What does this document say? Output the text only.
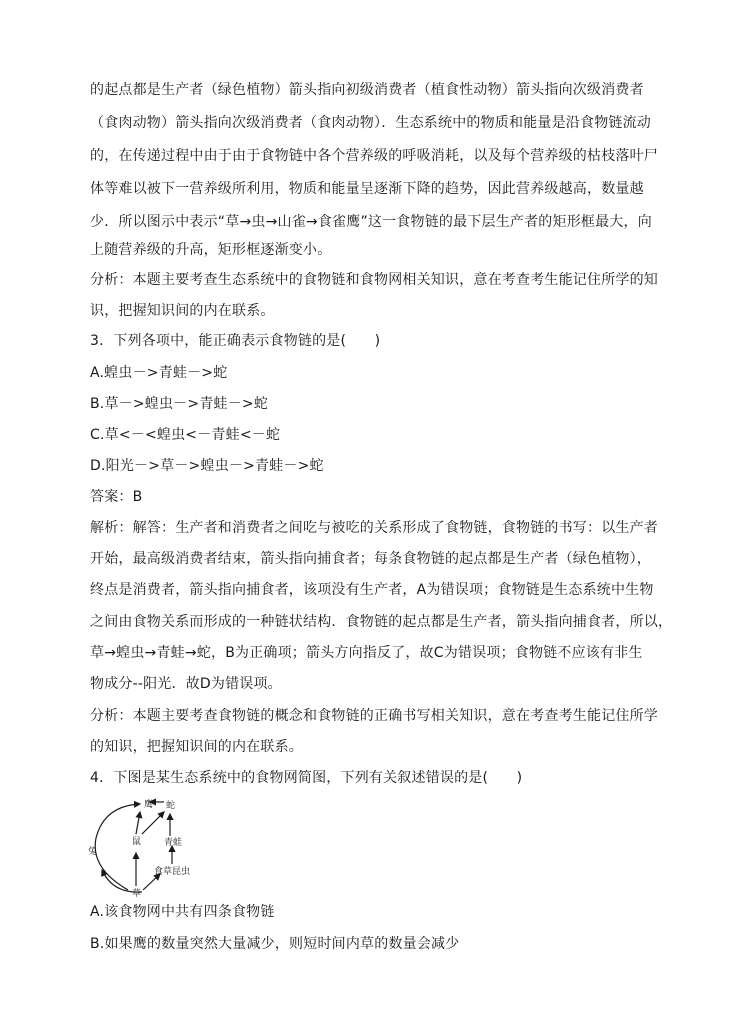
的起点都是生产者（绿色植物）箭头指向初级消费者（植食性动物）箭头指向次级消费者
（食肉动物）箭头指向次级消费者（食肉动物）．生态系统中的物质和能量是沿食物链流动
的，在传递过程中由于由于食物链中各个营养级的呼吸消耗，以及每个营养级的枯枝落叶尸
体等难以被下一营养级所利用，物质和能量呈逐渐下降的趋势，因此营养级越高，数量越
少．所以图示中表示“草→虫→山雀→食雀鹰”这一食物链的最下层生产者的矩形框最大，向
上随营养级的升高，矩形框逐渐变小。
分析：本题主要考查生态系统中的食物链和食物网相关知识，意在考查考生能记住所学的知
识，把握知识间的内在联系。
3．下列各项中，能正确表示食物链的是(　　)
A.蝗虫－>青蛙－>蛇
B.草－>蝗虫－>青蛙－>蛇
C.草<－<蝗虫<－青蛙<－蛇
D.阳光－>草－>蝗虫－>青蛙－>蛇
答案：B
解析：解答：生产者和消费者之间吃与被吃的关系形成了食物链，食物链的书写：以生产者
开始，最高级消费者结束，箭头指向捕食者；每条食物链的起点都是生产者（绿色植物），
终点是消费者，箭头指向捕食者，该项没有生产者，A为错误项；食物链是生态系统中生物
之间由食物关系而形成的一种链状结构．食物链的起点都是生产者，箭头指向捕食者，所以，
草→蝗虫→青蛙→蛇，B为正确项；箭头方向指反了，故C为错误项；食物链不应该有非生
物成分--阳光．故D为错误项。
分析：本题主要考查食物链的概念和食物链的正确书写相关知识，意在考查考生能记住所学
的知识，把握知识间的内在联系。
4．下图是某生态系统中的食物网简图，下列有关叙述错误的是(　　)
鹰 蛇
兔
鼠	青蛙
食草昆虫
草
A.该食物网中共有四条食物链
B.如果鹰的数量突然大量减少，则短时间内草的数量会减少
